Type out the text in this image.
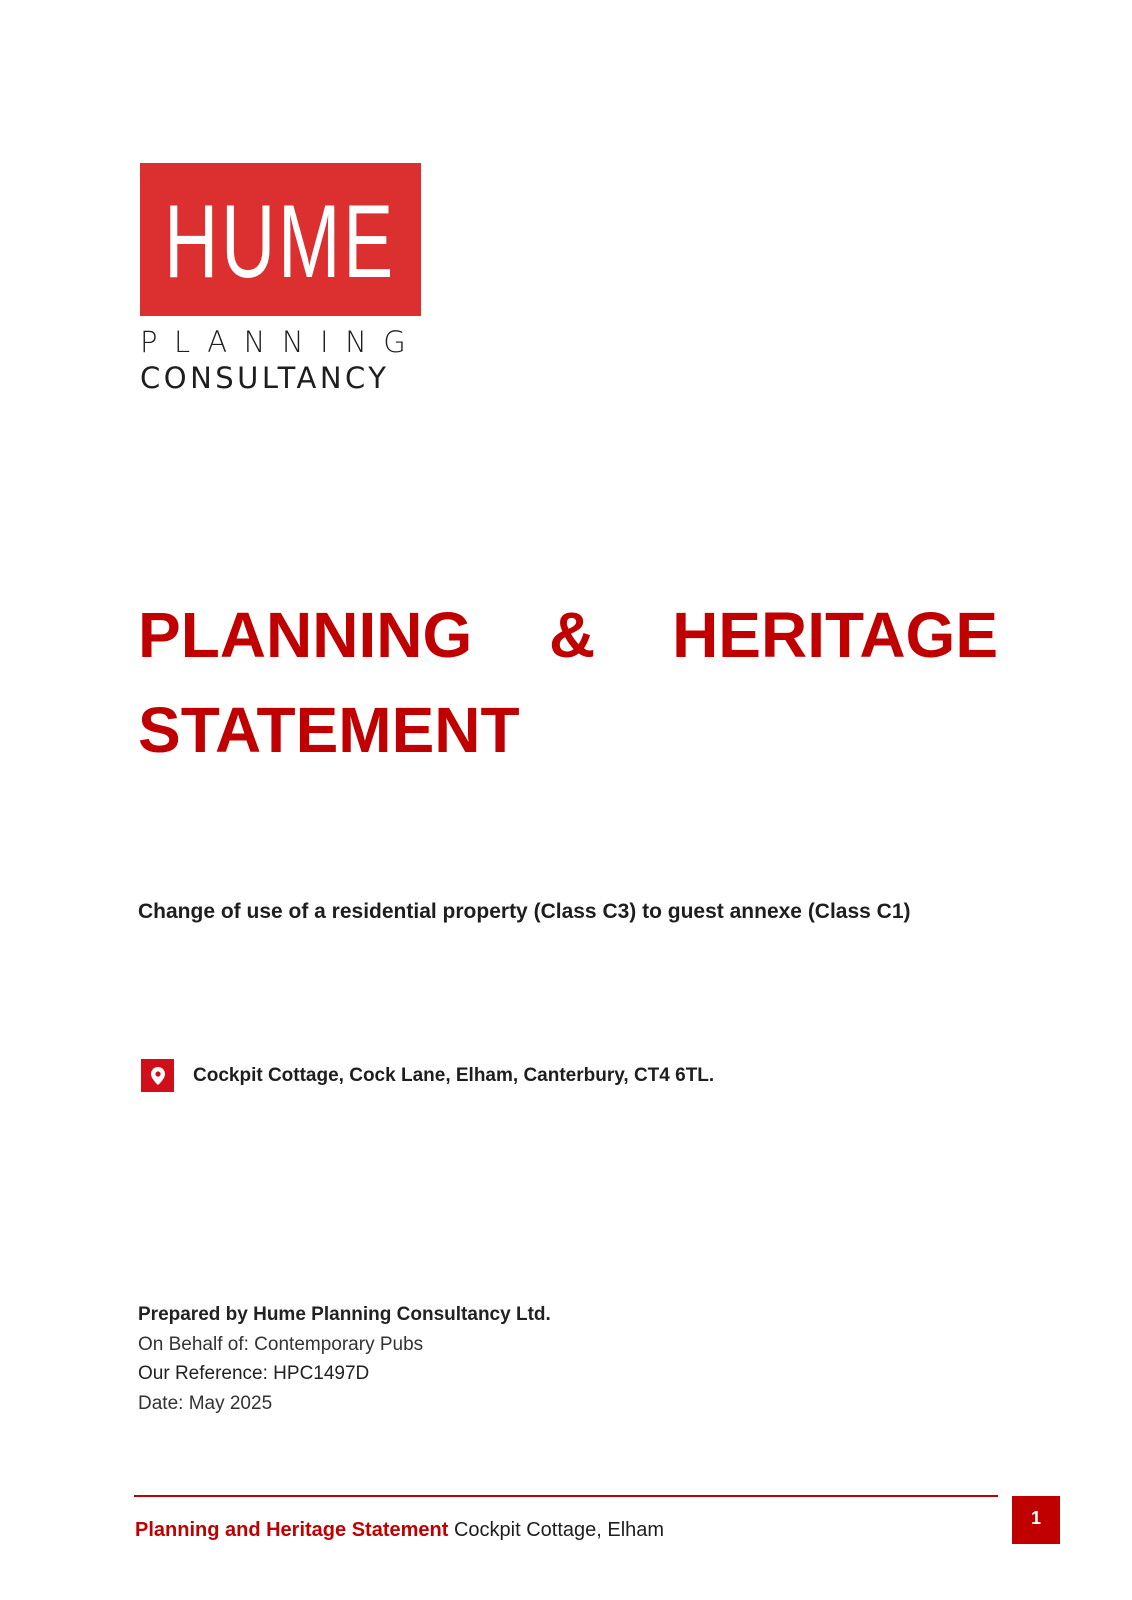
HUME
PLANNING
CONSULTANCY
PLANNING & HERITAGE
STATEMENT
Change of use of a residential property (Class C3) to guest annexe (Class C1)
Cockpit Cottage, Cock Lane, Elham, Canterbury, CT4 6TL.
Prepared by Hume Planning Consultancy Ltd.
On Behalf of: Contemporary Pubs
Our Reference: HPC1497D
Date: May 2025
Planning and Heritage Statement Cockpit Cottage, Elham
1
